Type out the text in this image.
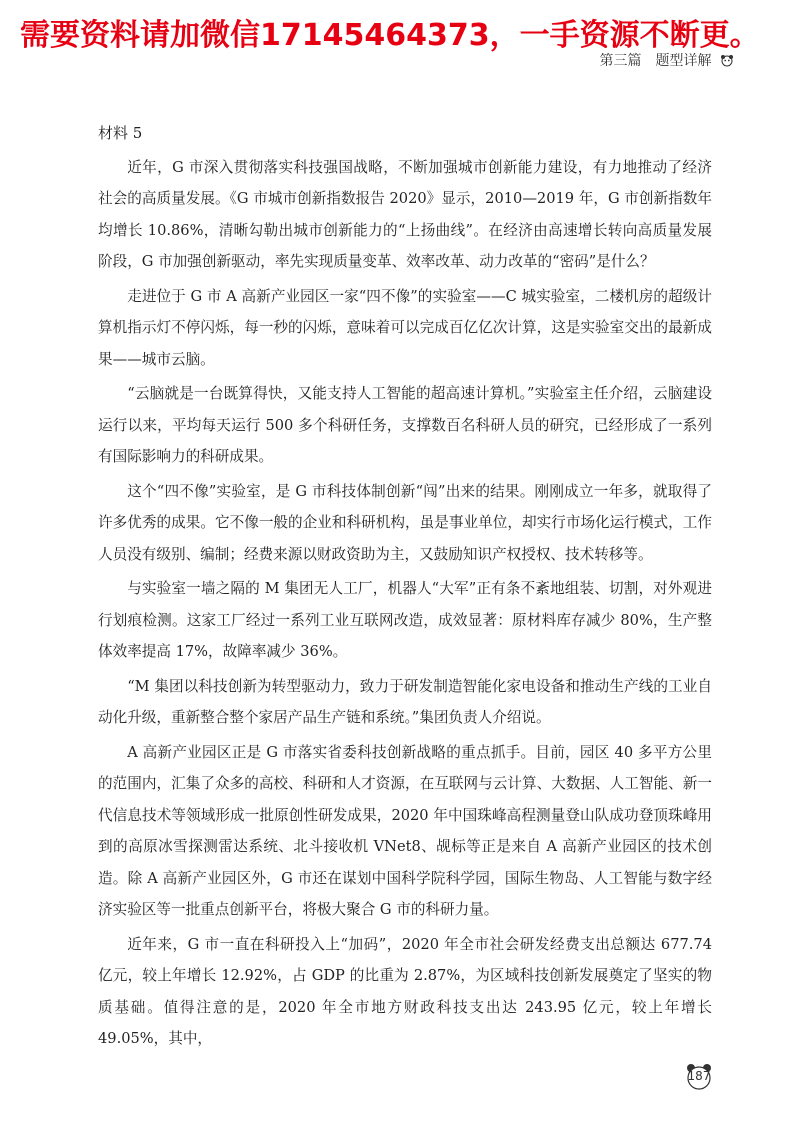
需要资料请加微信17145464373，一手资源不断更。
第三篇　题型详解
材料 5

近年，G 市深入贯彻落实科技强国战略，不断加强城市创新能力建设，有力地推动了经济社会的高质量发展。《G 市城市创新指数报告 2020》显示，2010—2019 年，G 市创新指数年均增长 10.86%，清晰勾勒出城市创新能力的“上扬曲线”。在经济由高速增长转向高质量发展阶段，G 市加强创新驱动，率先实现质量变革、效率改革、动力改革的“密码”是什么？

走进位于 G 市 A 高新产业园区一家“四不像”的实验室——C 城实验室，二楼机房的超级计算机指示灯不停闪烁，每一秒的闪烁，意味着可以完成百亿亿次计算，这是实验室交出的最新成果——城市云脑。

“云脑就是一台既算得快，又能支持人工智能的超高速计算机。”实验室主任介绍，云脑建设运行以来，平均每天运行 500 多个科研任务，支撑数百名科研人员的研究，已经形成了一系列有国际影响力的科研成果。

这个“四不像”实验室，是 G 市科技体制创新“闯”出来的结果。刚刚成立一年多，就取得了许多优秀的成果。它不像一般的企业和科研机构，虽是事业单位，却实行市场化运行模式，工作人员没有级别、编制；经费来源以财政资助为主，又鼓励知识产权授权、技术转移等。

与实验室一墙之隔的 M 集团无人工厂，机器人“大军”正有条不紊地组装、切割，对外观进行划痕检测。这家工厂经过一系列工业互联网改造，成效显著：原材料库存减少 80%，生产整体效率提高 17%，故障率减少 36%。

“M 集团以科技创新为转型驱动力，致力于研发制造智能化家电设备和推动生产线的工业自动化升级，重新整合整个家居产品生产链和系统。”集团负责人介绍说。

A 高新产业园区正是 G 市落实省委科技创新战略的重点抓手。目前，园区 40 多平方公里的范围内，汇集了众多的高校、科研和人才资源，在互联网与云计算、大数据、人工智能、新一代信息技术等领域形成一批原创性研发成果，2020 年中国珠峰高程测量登山队成功登顶珠峰用到的高原冰雪探测雷达系统、北斗接收机 VNet8、觇标等正是来自 A 高新产业园区的技术创造。除 A 高新产业园区外，G 市还在谋划中国科学院科学园，国际生物岛、人工智能与数字经济实验区等一批重点创新平台，将极大聚合 G 市的科研力量。

近年来，G 市一直在科研投入上“加码”，2020 年全市社会研发经费支出总额达 677.74 亿元，较上年增长 12.92%，占 GDP 的比重为 2.87%，为区域科技创新发展奠定了坚实的物质基础。值得注意的是，2020 年全市地方财政科技支出达 243.95 亿元，较上年增长 49.05%，其中，

187
